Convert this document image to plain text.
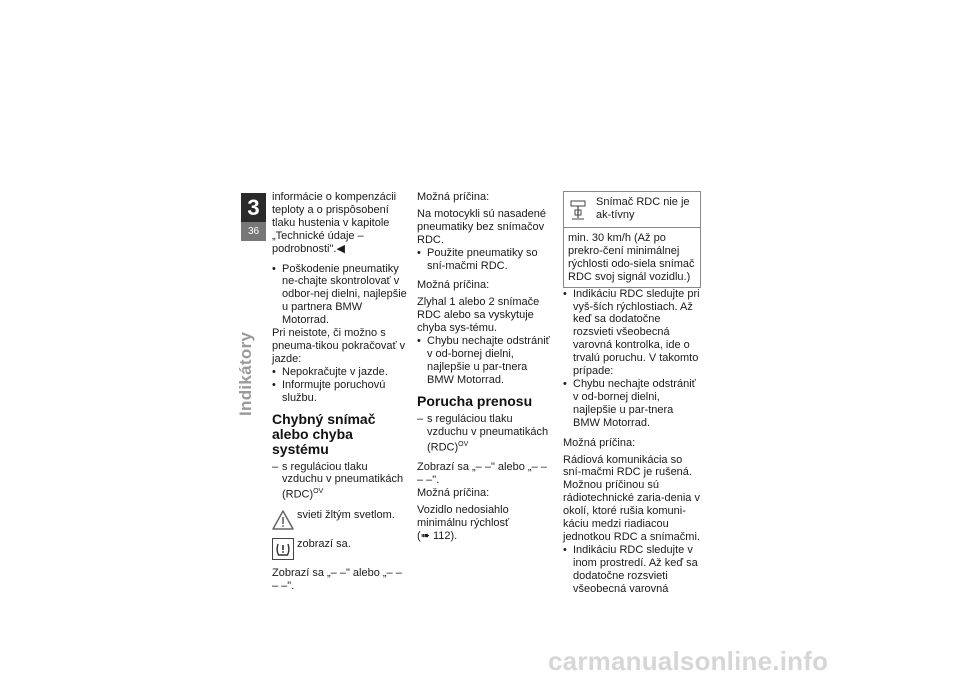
3
36
Indikátory

informácie o kompenzácii teploty a o prispôsobení tlaku hustenia v kapitole „Technické údaje – podrobnosti".◀

• Poškodenie pneumatiky ne-chajte skontrolovať v odbor-nej dielni, najlepšie u partnera BMW Motorrad.

Pri neistote, či možno s pneuma-tikou pokračovať v jazde:

• Nepokračujte v jazde.

• Informujte poruchovú službu.

Chybný snímač alebo chyba systému

– s reguláciou tlaku vzduchu v pneumatikách (RDC)$^{OV}$

svieti žltým svetlom.
zobrazí sa.

Zobrazí sa „– –" alebo „– – – –".

Možná príčina:

Na motocykli sú nasadené pneumatiky bez snímačov RDC.

• Použite pneumatiky so sní-mačmi RDC.

Možná príčina:

Zlyhal 1 alebo 2 snímače RDC alebo sa vyskytuje chyba sys-tému.

• Chybu nechajte odstrániť v od-bornej dielni, najlepšie u par-tnera BMW Motorrad.

Porucha prenosu

– s reguláciou tlaku vzduchu v pneumatikách (RDC)$^{OV}$

Zobrazí sa „– –" alebo „– – – –".

Možná príčina:

Vozidlo nedosiahlo minimálnu rýchlosť
(➠ 112).

Snímač RDC nie je ak-tívny
min. 30 km/h (Až po prekro-čení minimálnej rýchlosti odo-siela snímač RDC svoj signál vozidlu.)

• Indikáciu RDC sledujte pri vyš-ších rýchlostiach. Až keď sa dodatočne rozsvieti všeobecná varovná kontrolka, ide o trvalú poruchu. V takomto prípade:

• Chybu nechajte odstrániť v od-bornej dielni, najlepšie u par-tnera BMW Motorrad.

Možná príčina:

Rádiová komunikácia so sní-mačmi RDC je rušená. Možnou príčinou sú rádiotechnické zaria-denia v okolí, ktoré rušia komuni-káciu medzi riadiacou jednotkou RDC a snímačmi.

• Indikáciu RDC sledujte v inom prostredí. Až keď sa dodatočne rozsvieti všeobecná varovná

carmanualsonline.info
